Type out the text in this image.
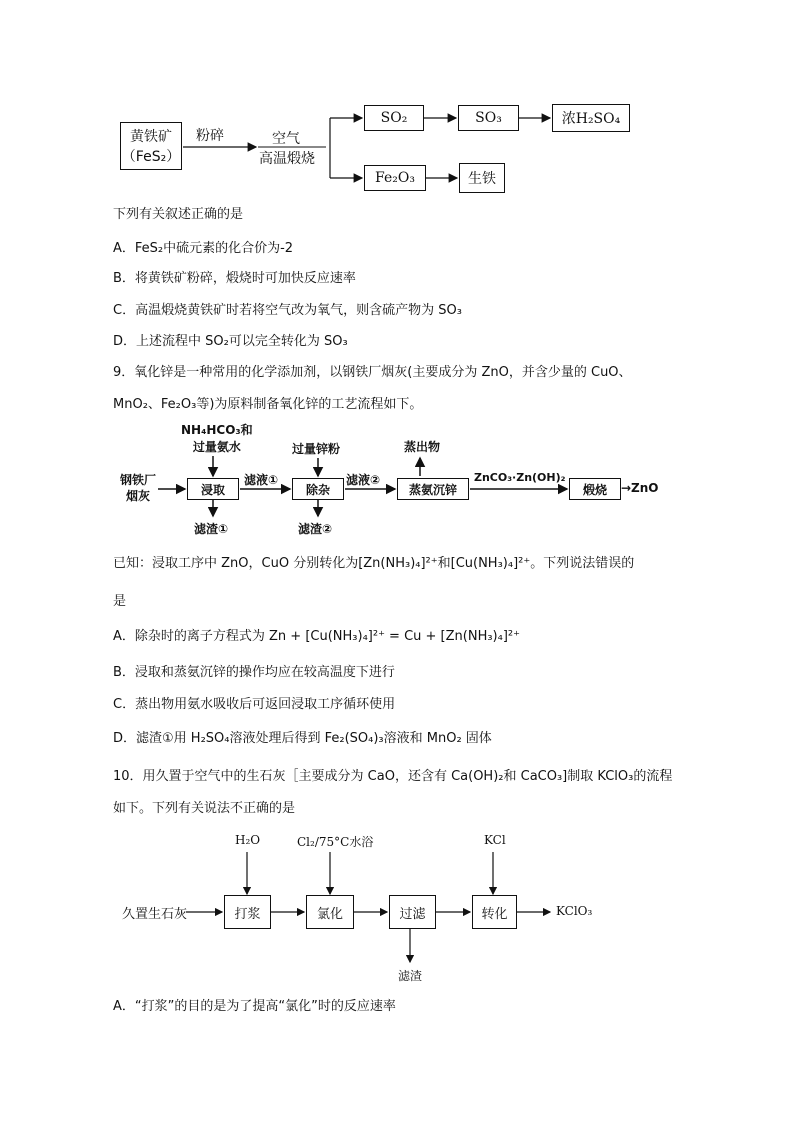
黄铁矿
（FeS₂）
粉碎	空气
高温煅烧
SO₂	SO₃	浓H₂SO₄
Fe₂O₃	生铁
下列有关叙述正确的是
A．FeS₂中硫元素的化合价为-2
B．将黄铁矿粉碎，煅烧时可加快反应速率
C．高温煅烧黄铁矿时若将空气改为氧气，则含硫产物为 SO₃
D．上述流程中 SO₂可以完全转化为 SO₃
9．氧化锌是一种常用的化学添加剂，以钢铁厂烟灰(主要成分为 ZnO，并含少量的 CuO、
MnO₂、Fe₂O₃等)为原料制备氧化锌的工艺流程如下。
钢铁厂
烟灰
NH₄HCO₃和
过量氨水
浸取
滤液①
滤渣①
过量锌粉
除杂
滤液②
滤渣②
蒸出物
蒸氨沉锌
ZnCO₃·Zn(OH)₂
煅烧	→ZnO
已知：浸取工序中 ZnO，CuO 分别转化为[Zn(NH₃)₄]²⁺和[Cu(NH₃)₄]²⁺。下列说法错误的
是
A．除杂时的离子方程式为 Zn + [Cu(NH₃)₄]²⁺ = Cu + [Zn(NH₃)₄]²⁺
B．浸取和蒸氨沉锌的操作均应在较高温度下进行
C．蒸出物用氨水吸收后可返回浸取工序循环使用
D．滤渣①用 H₂SO₄溶液处理后得到 Fe₂(SO₄)₃溶液和 MnO₂ 固体
10．用久置于空气中的生石灰［主要成分为 CaO，还含有 Ca(OH)₂和 CaCO₃]制取 KClO₃的流程
如下。下列有关说法不正确的是
久置生石灰
H₂O
打浆
Cl₂/75°C水浴
氯化	过滤
滤渣
KCl
转化	KClO₃
A．“打浆”的目的是为了提高“氯化”时的反应速率
